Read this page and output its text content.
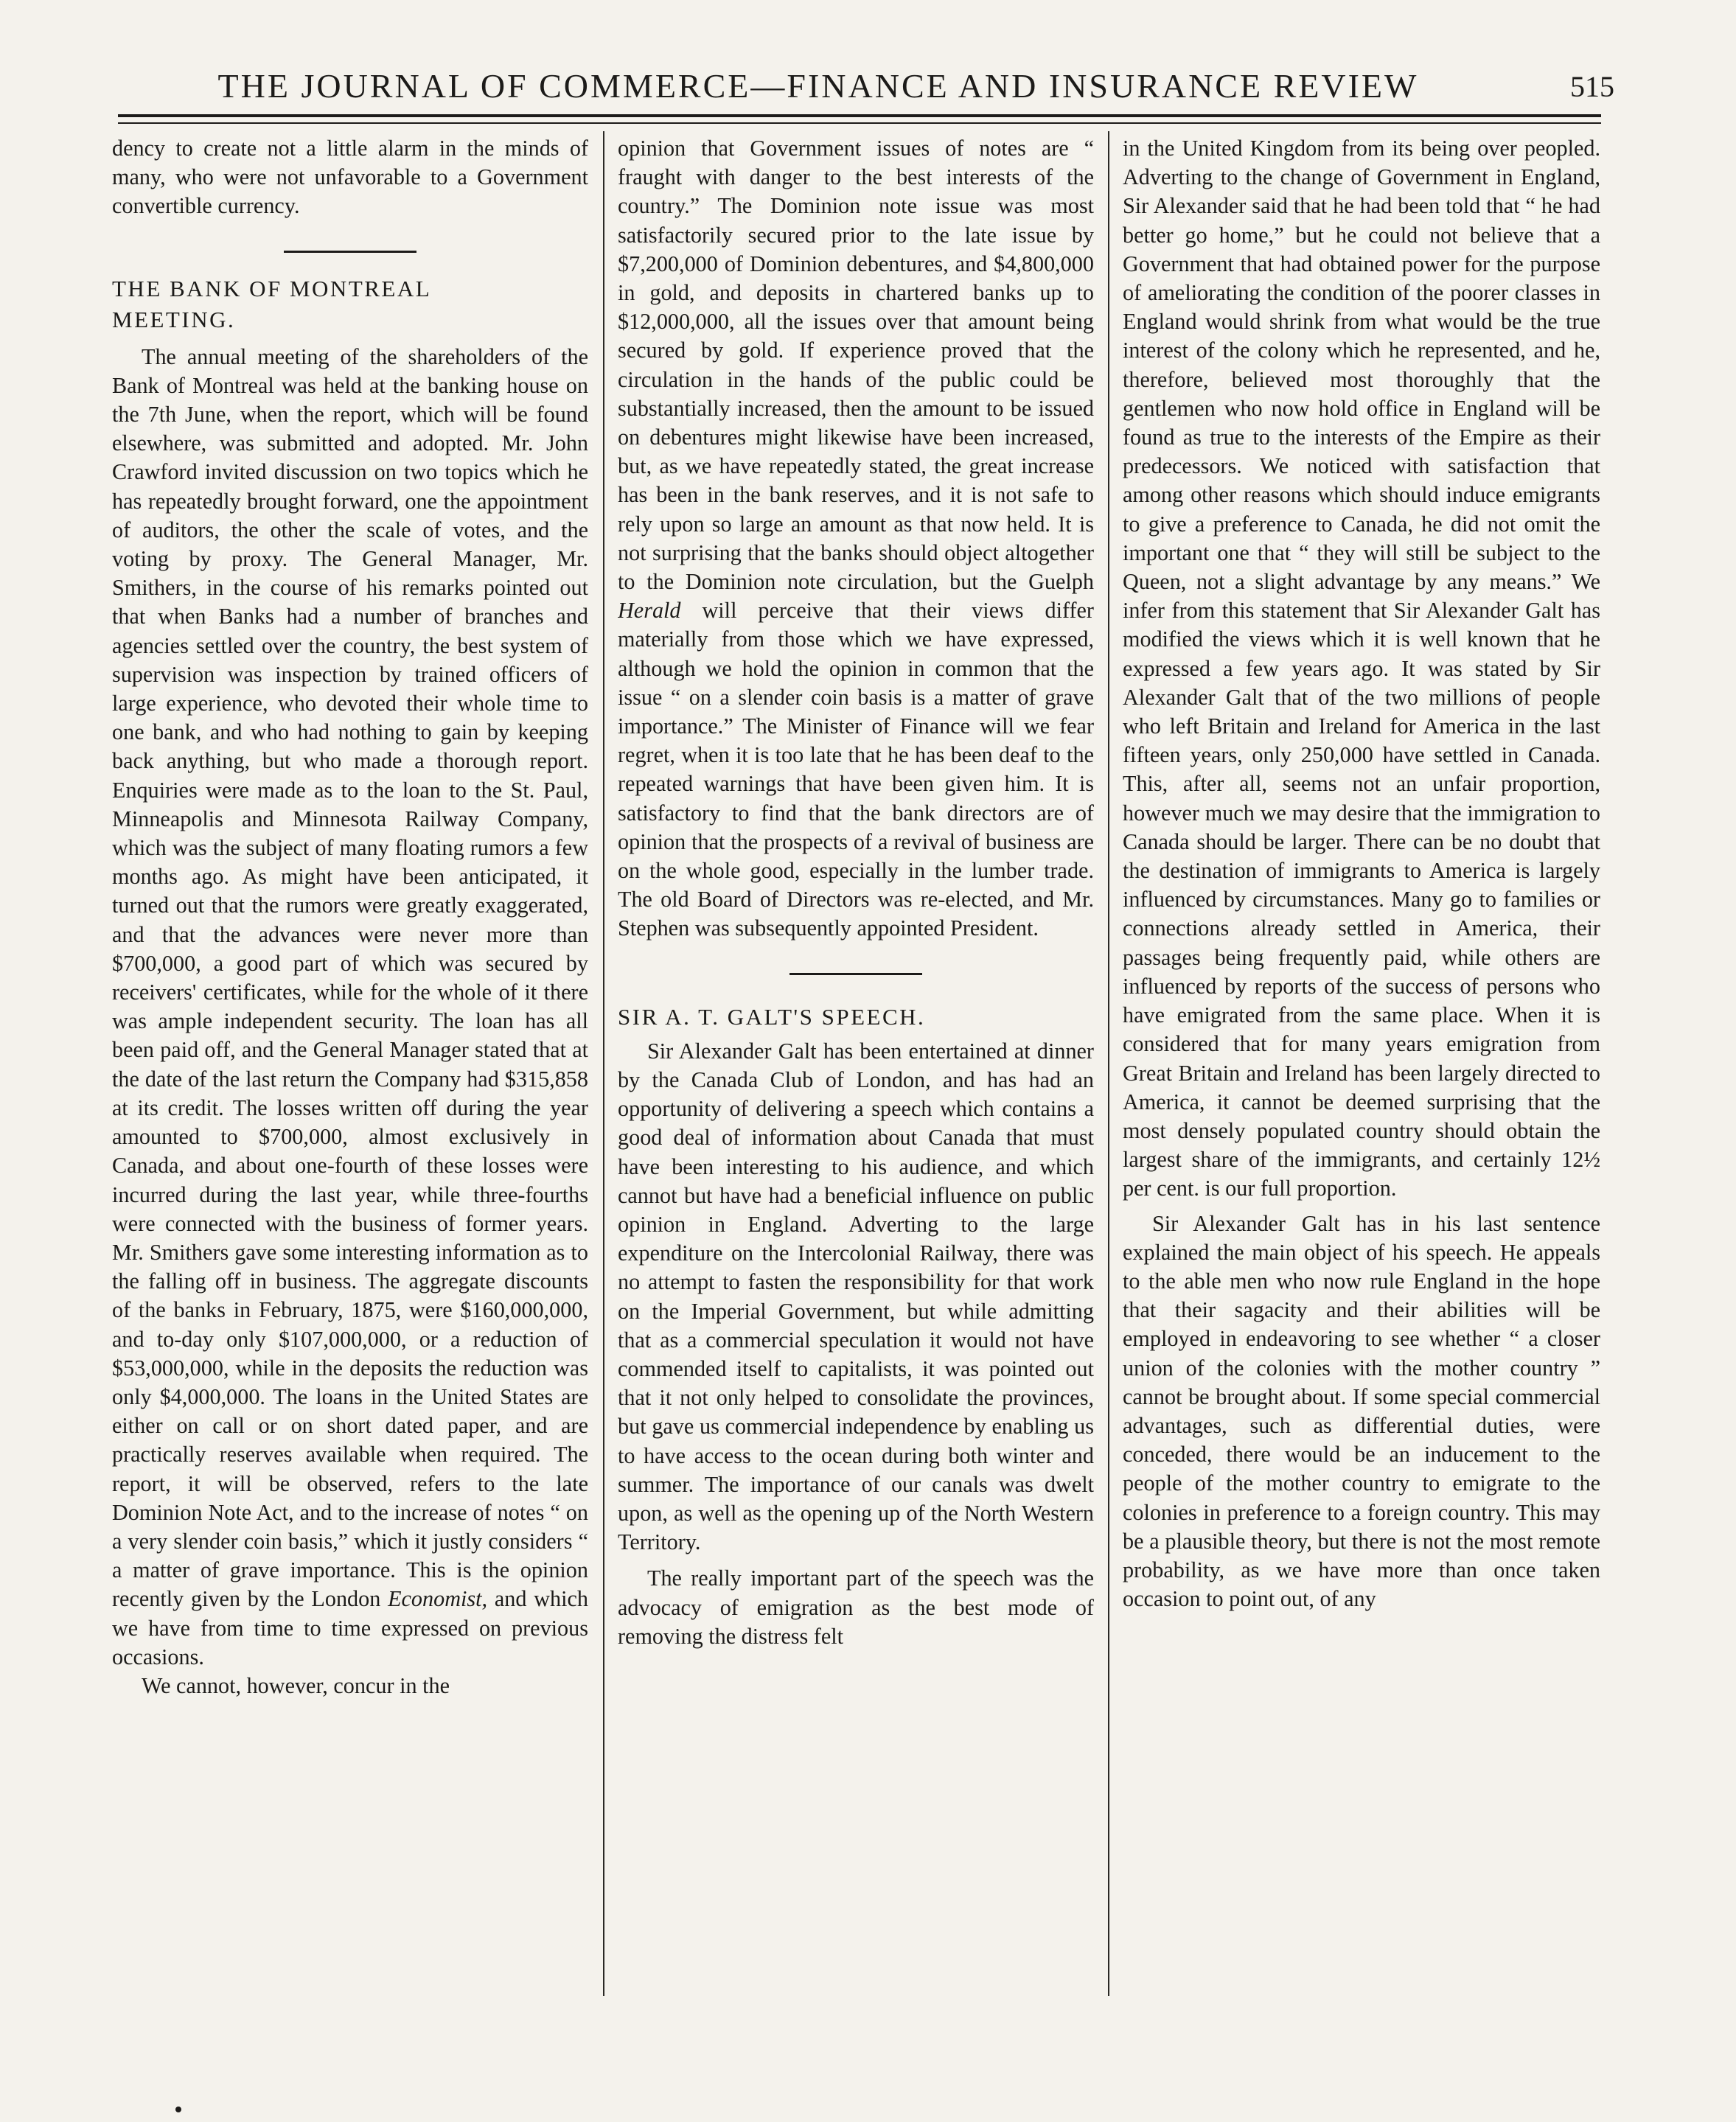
THE JOURNAL OF COMMERCE—FINANCE AND INSURANCE REVIEW	515

dency to create not a little alarm in the minds of many, who were not unfavorable to a Government convertible currency.

THE BANK OF MONTREAL
MEETING.

The annual meeting of the shareholders of the Bank of Montreal was held at the banking house on the 7th June, when the report, which will be found elsewhere, was submitted and adopted. Mr. John Crawford invited discussion on two topics which he has repeatedly brought forward, one the appointment of auditors, the other the scale of votes, and the voting by proxy. The General Manager, Mr. Smithers, in the course of his remarks pointed out that when Banks had a number of branches and agencies settled over the country, the best system of supervision was inspection by trained officers of large experience, who devoted their whole time to one bank, and who had nothing to gain by keeping back anything, but who made a thorough report. Enquiries were made as to the loan to the St. Paul, Minneapolis and Minnesota Railway Company, which was the subject of many floating rumors a few months ago. As might have been anticipated, it turned out that the rumors were greatly exaggerated, and that the advances were never more than $700,000, a good part of which was secured by receivers' certificates, while for the whole of it there was ample independent security. The loan has all been paid off, and the General Manager stated that at the date of the last return the Company had $315,858 at its credit. The losses written off during the year amounted to $700,000, almost exclusively in Canada, and about one-fourth of these losses were incurred during the last year, while three-fourths were connected with the business of former years. Mr. Smithers gave some interesting information as to the falling off in business. The aggregate discounts of the banks in February, 1875, were $160,000,000, and to-day only $107,000,000, or a reduction of $53,000,000, while in the deposits the reduction was only $4,000,000. The loans in the United States are either on call or on short dated paper, and are practically reserves available when required. The report, it will be observed, refers to the late Dominion Note Act, and to the increase of notes “ on a very slender coin basis,” which it justly considers “ a matter of grave importance. This is the opinion recently given by the London Economist, and which we have from time to time expressed on previous occasions.

We cannot, however, concur in the

opinion that Government issues of notes are “ fraught with danger to the best interests of the country.” The Dominion note issue was most satisfactorily secured prior to the late issue by $7,200,000 of Dominion debentures, and $4,800,000 in gold, and deposits in chartered banks up to $12,000,000, all the issues over that amount being secured by gold. If experience proved that the circulation in the hands of the public could be substantially increased, then the amount to be issued on debentures might likewise have been increased, but, as we have repeatedly stated, the great increase has been in the bank reserves, and it is not safe to rely upon so large an amount as that now held. It is not surprising that the banks should object altogether to the Dominion note circulation, but the Guelph Herald will perceive that their views differ materially from those which we have expressed, although we hold the opinion in common that the issue “ on a slender coin basis is a matter of grave importance.” The Minister of Finance will we fear regret, when it is too late that he has been deaf to the repeated warnings that have been given him. It is satisfactory to find that the bank directors are of opinion that the prospects of a revival of business are on the whole good, especially in the lumber trade. The old Board of Directors was re-elected, and Mr. Stephen was subsequently appointed President.

SIR A. T. GALT'S SPEECH.

Sir Alexander Galt has been entertained at dinner by the Canada Club of London, and has had an opportunity of delivering a speech which contains a good deal of information about Canada that must have been interesting to his audience, and which cannot but have had a beneficial influence on public opinion in England. Adverting to the large expenditure on the Intercolonial Railway, there was no attempt to fasten the responsibility for that work on the Imperial Government, but while admitting that as a commercial speculation it would not have commended itself to capitalists, it was pointed out that it not only helped to consolidate the provinces, but gave us commercial independence by enabling us to have access to the ocean during both winter and summer. The importance of our canals was dwelt upon, as well as the opening up of the North Western Territory.

The really important part of the speech was the advocacy of emigration as the best mode of removing the distress felt

in the United Kingdom from its being over peopled. Adverting to the change of Government in England, Sir Alexander said that he had been told that “ he had better go home,” but he could not believe that a Government that had obtained power for the purpose of ameliorating the condition of the poorer classes in England would shrink from what would be the true interest of the colony which he represented, and he, therefore, believed most thoroughly that the gentlemen who now hold office in England will be found as true to the interests of the Empire as their predecessors. We noticed with satisfaction that among other reasons which should induce emigrants to give a preference to Canada, he did not omit the important one that “ they will still be subject to the Queen, not a slight advantage by any means.” We infer from this statement that Sir Alexander Galt has modified the views which it is well known that he expressed a few years ago. It was stated by Sir Alexander Galt that of the two millions of people who left Britain and Ireland for America in the last fifteen years, only 250,000 have settled in Canada. This, after all, seems not an unfair proportion, however much we may desire that the immigration to Canada should be larger. There can be no doubt that the destination of immigrants to America is largely influenced by circumstances. Many go to families or connections already settled in America, their passages being frequently paid, while others are influenced by reports of the success of persons who have emigrated from the same place. When it is considered that for many years emigration from Great Britain and Ireland has been largely directed to America, it cannot be deemed surprising that the most densely populated country should obtain the largest share of the immigrants, and certainly 12½ per cent. is our full proportion.

Sir Alexander Galt has in his last sentence explained the main object of his speech. He appeals to the able men who now rule England in the hope that their sagacity and their abilities will be employed in endeavoring to see whether “ a closer union of the colonies with the mother country ” cannot be brought about. If some special commercial advantages, such as differential duties, were conceded, there would be an inducement to the people of the mother country to emigrate to the colonies in preference to a foreign country. This may be a plausible theory, but there is not the most remote probability, as we have more than once taken occasion to point out, of any
